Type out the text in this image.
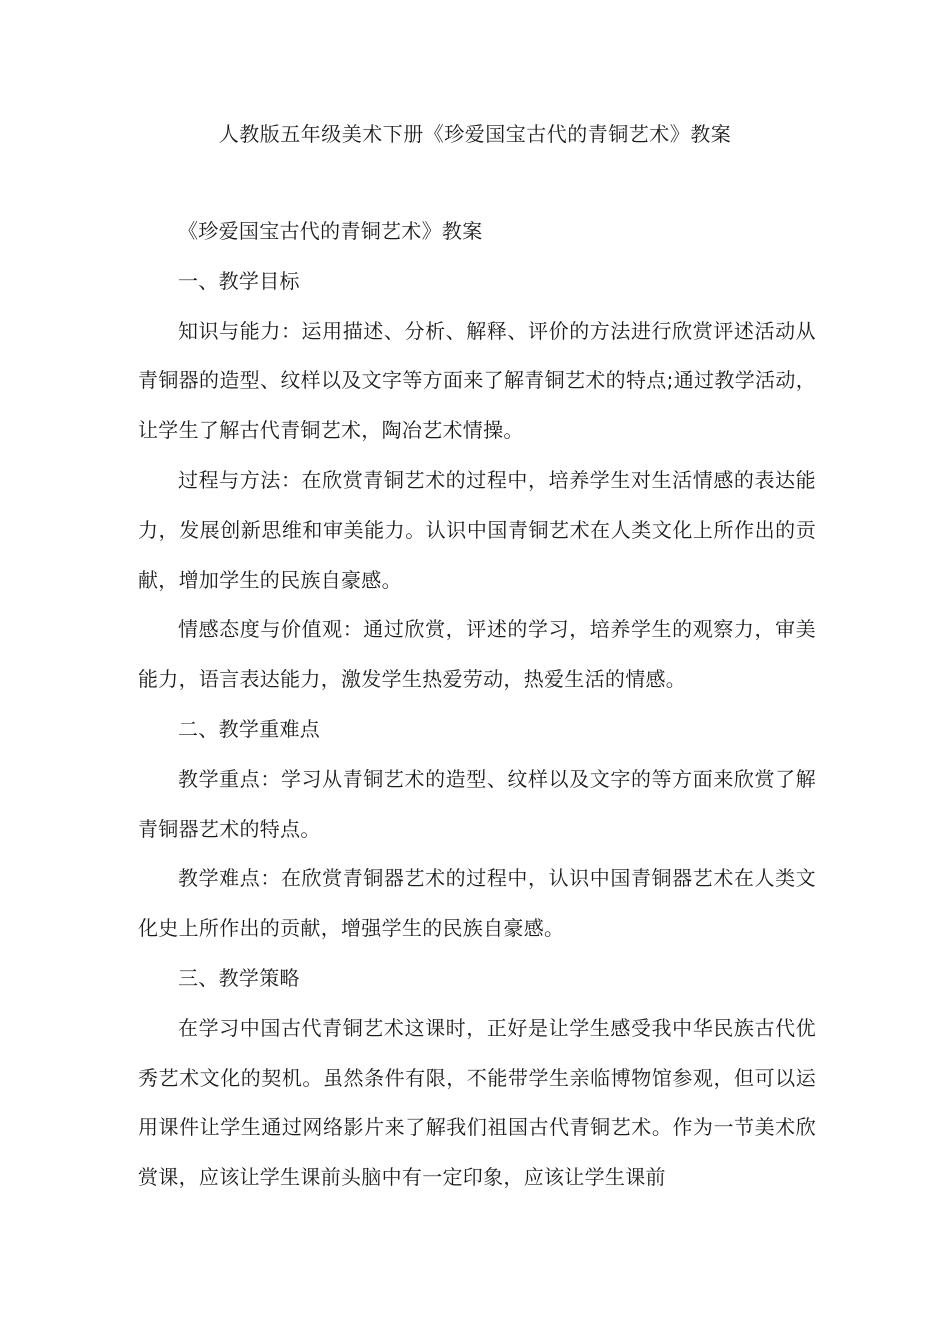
人教版五年级美术下册《珍爱国宝古代的青铜艺术》教案

《珍爱国宝古代的青铜艺术》教案

一、教学目标

知识与能力：运用描述、分析、解释、评价的方法进行欣赏评述活动从青铜器的造型、纹样以及文字等方面来了解青铜艺术的特点;通过教学活动，让学生了解古代青铜艺术，陶冶艺术情操。

过程与方法：在欣赏青铜艺术的过程中，培养学生对生活情感的表达能力，发展创新思维和审美能力。认识中国青铜艺术在人类文化上所作出的贡献，增加学生的民族自豪感。

情感态度与价值观：通过欣赏，评述的学习，培养学生的观察力，审美能力，语言表达能力，激发学生热爱劳动，热爱生活的情感。

二、教学重难点

教学重点：学习从青铜艺术的造型、纹样以及文字的等方面来欣赏了解青铜器艺术的特点。

教学难点：在欣赏青铜器艺术的过程中，认识中国青铜器艺术在人类文化史上所作出的贡献，增强学生的民族自豪感。

三、教学策略

在学习中国古代青铜艺术这课时，正好是让学生感受我中华民族古代优秀艺术文化的契机。虽然条件有限，不能带学生亲临博物馆参观，但可以运用课件让学生通过网络影片来了解我们祖国古代青铜艺术。作为一节美术欣赏课，应该让学生课前头脑中有一定印象，应该让学生课前
